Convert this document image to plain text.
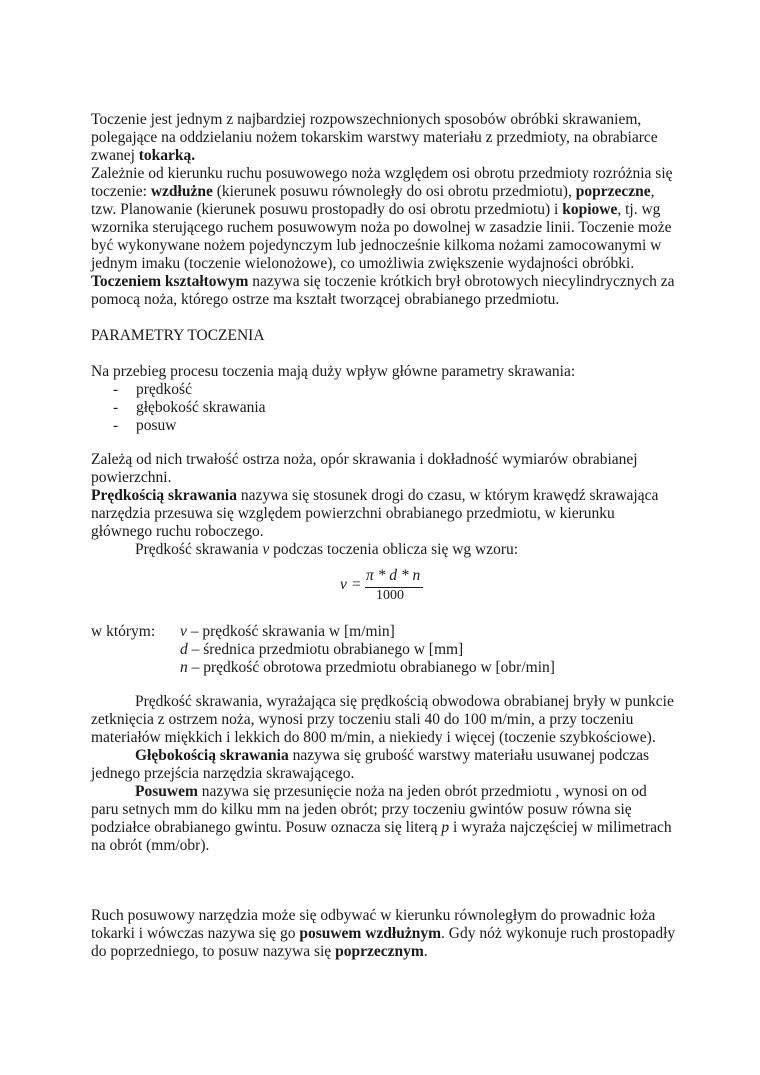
Toczenie jest jednym z najbardziej rozpowszechnionych sposobów obróbki skrawaniem,
polegające na oddzielaniu nożem tokarskim warstwy materiału z przedmioty, na obrabiarce
zwanej tokarką.
Zależnie od kierunku ruchu posuwowego noża względem osi obrotu przedmioty rozróżnia się
toczenie: wzdłużne (kierunek posuwu równoległy do osi obrotu przedmiotu), poprzeczne,
tzw. Planowanie (kierunek posuwu prostopadły do osi obrotu przedmiotu) i kopiowe, tj. wg
wzornika sterującego ruchem posuwowym noża po dowolnej w zasadzie linii. Toczenie może
być wykonywane nożem pojedynczym lub jednocześnie kilkoma nożami zamocowanymi w
jednym imaku (toczenie wielonożowe), co umożliwia zwiększenie wydajności obróbki.
Toczeniem kształtowym nazywa się toczenie krótkich brył obrotowych niecylindrycznych za
pomocą noża, którego ostrze ma kształt tworzącej obrabianego przedmiotu.
PARAMETRY TOCZENIA
Na przebieg procesu toczenia mają duży wpływ główne parametry skrawania:
- prędkość
- głębokość skrawania
- posuw
Zależą od nich trwałość ostrza noża, opór skrawania i dokładność wymiarów obrabianej
powierzchni.
Prędkością skrawania nazywa się stosunek drogi do czasu, w którym krawędź skrawająca
narzędzia przesuwa się względem powierzchni obrabianego przedmiotu, w kierunku
głównego ruchu roboczego.
Prędkość skrawania v podczas toczenia oblicza się wg wzoru:
v =
π * d * n
1000
w którym: v – prędkość skrawania w [m/min]
d – średnica przedmiotu obrabianego w [mm]
n – prędkość obrotowa przedmiotu obrabianego w [obr/min]
Prędkość skrawania, wyrażająca się prędkością obwodowa obrabianej bryły w punkcie
zetknięcia z ostrzem noża, wynosi przy toczeniu stali 40 do 100 m/min, a przy toczeniu
materiałów miękkich i lekkich do 800 m/min, a niekiedy i więcej (toczenie szybkościowe).
Głębokością skrawania nazywa się grubość warstwy materiału usuwanej podczas
jednego przejścia narzędzia skrawającego.
Posuwem nazywa się przesunięcie noża na jeden obrót przedmiotu , wynosi on od
paru setnych mm do kilku mm na jeden obrót; przy toczeniu gwintów posuw równa się
podziałce obrabianego gwintu. Posuw oznacza się literą p i wyraża najczęściej w milimetrach
na obrót (mm/obr).
Ruch posuwowy narzędzia może się odbywać w kierunku równoległym do prowadnic łoża
tokarki i wówczas nazywa się go posuwem wzdłużnym. Gdy nóż wykonuje ruch prostopadły
do poprzedniego, to posuw nazywa się poprzecznym.
